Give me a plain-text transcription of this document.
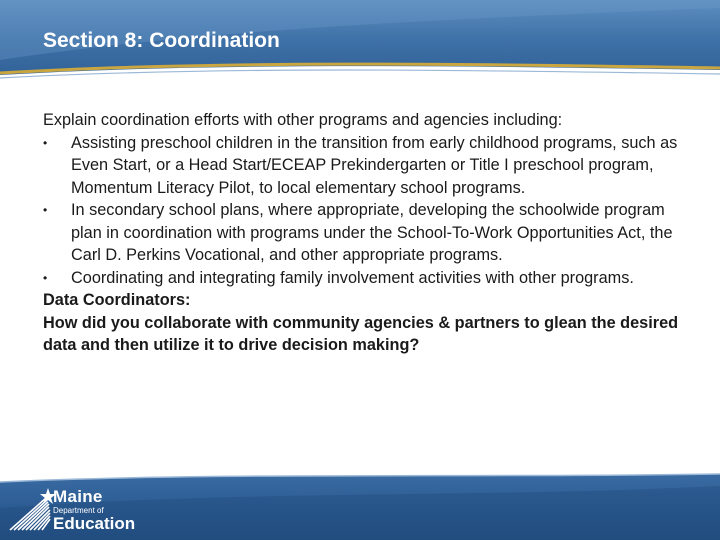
Section 8: Coordination

Explain coordination efforts with other programs and agencies including:

•	Assisting preschool children in the transition from early childhood programs, such as Even Start, or a Head Start/ECEAP Prekindergarten or Title I preschool program, Momentum Literacy Pilot, to local elementary school programs.
•	In secondary school plans, where appropriate, developing the schoolwide program plan in coordination with programs under the School-To-Work Opportunities Act, the Carl D. Perkins Vocational, and other appropriate programs.
•	Coordinating and integrating family involvement activities with other programs.

Data Coordinators:

How did you collaborate with community agencies & partners to glean the desired data and then utilize it to drive decision making?

Maine
Department of
Education
